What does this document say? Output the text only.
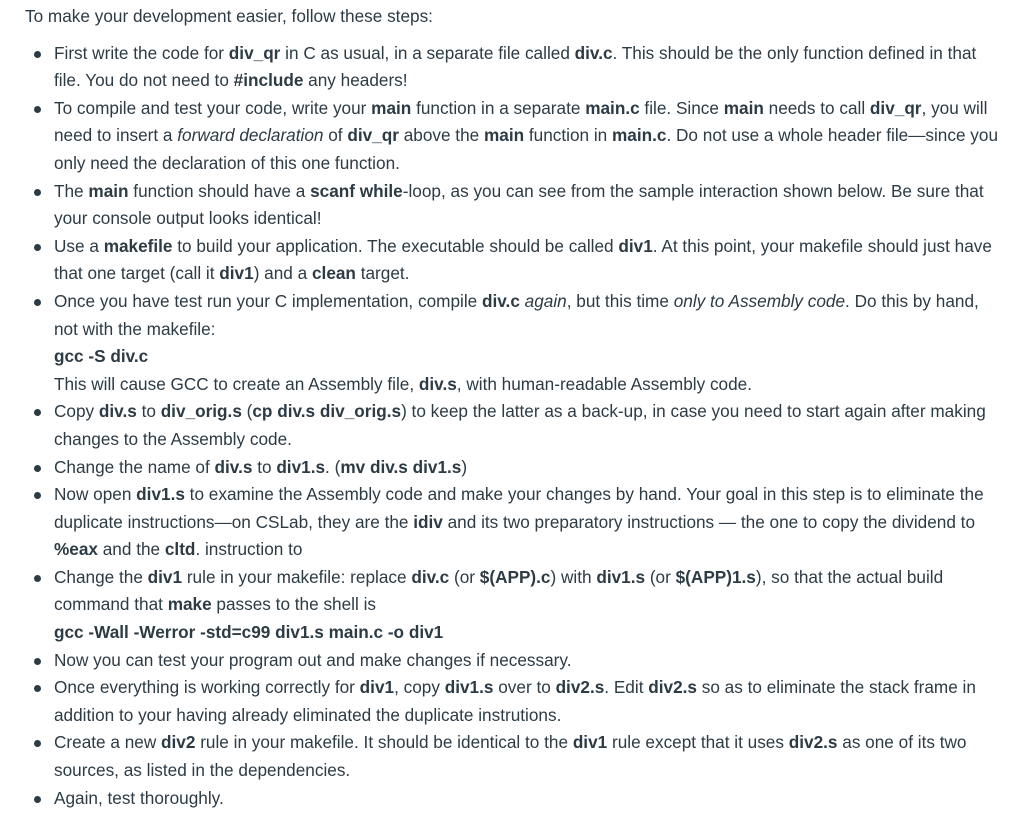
To make your development easier, follow these steps:

First write the code for div_qr in C as usual, in a separate file called div.c. This should be the only function defined in that file. You do not need to #include any headers!
To compile and test your code, write your main function in a separate main.c file. Since main needs to call div_qr, you will need to insert a forward declaration of div_qr above the main function in main.c. Do not use a whole header file—since you only need the declaration of this one function.
The main function should have a scanf while-loop, as you can see from the sample interaction shown below. Be sure that your console output looks identical!
Use a makefile to build your application. The executable should be called div1. At this point, your makefile should just have that one target (call it div1) and a clean target.
Once you have test run your C implementation, compile div.c again, but this time only to Assembly code. Do this by hand, not with the makefile:
gcc -S div.c
This will cause GCC to create an Assembly file, div.s, with human-readable Assembly code.
Copy div.s to div_orig.s (cp div.s div_orig.s) to keep the latter as a back-up, in case you need to start again after making changes to the Assembly code.
Change the name of div.s to div1.s. (mv div.s div1.s)
Now open div1.s to examine the Assembly code and make your changes by hand. Your goal in this step is to eliminate the duplicate instructions—on CSLab, they are the idiv and its two preparatory instructions — the one to copy the dividend to %eax and the cltd. instruction to
Change the div1 rule in your makefile: replace div.c (or $(APP).c) with div1.s (or $(APP)1.s), so that the actual build command that make passes to the shell is
gcc -Wall -Werror -std=c99 div1.s main.c -o div1
Now you can test your program out and make changes if necessary.
Once everything is working correctly for div1, copy div1.s over to div2.s. Edit div2.s so as to eliminate the stack frame in addition to your having already eliminated the duplicate instrutions.
Create a new div2 rule in your makefile. It should be identical to the div1 rule except that it uses div2.s as one of its two sources, as listed in the dependencies.
Again, test thoroughly.
